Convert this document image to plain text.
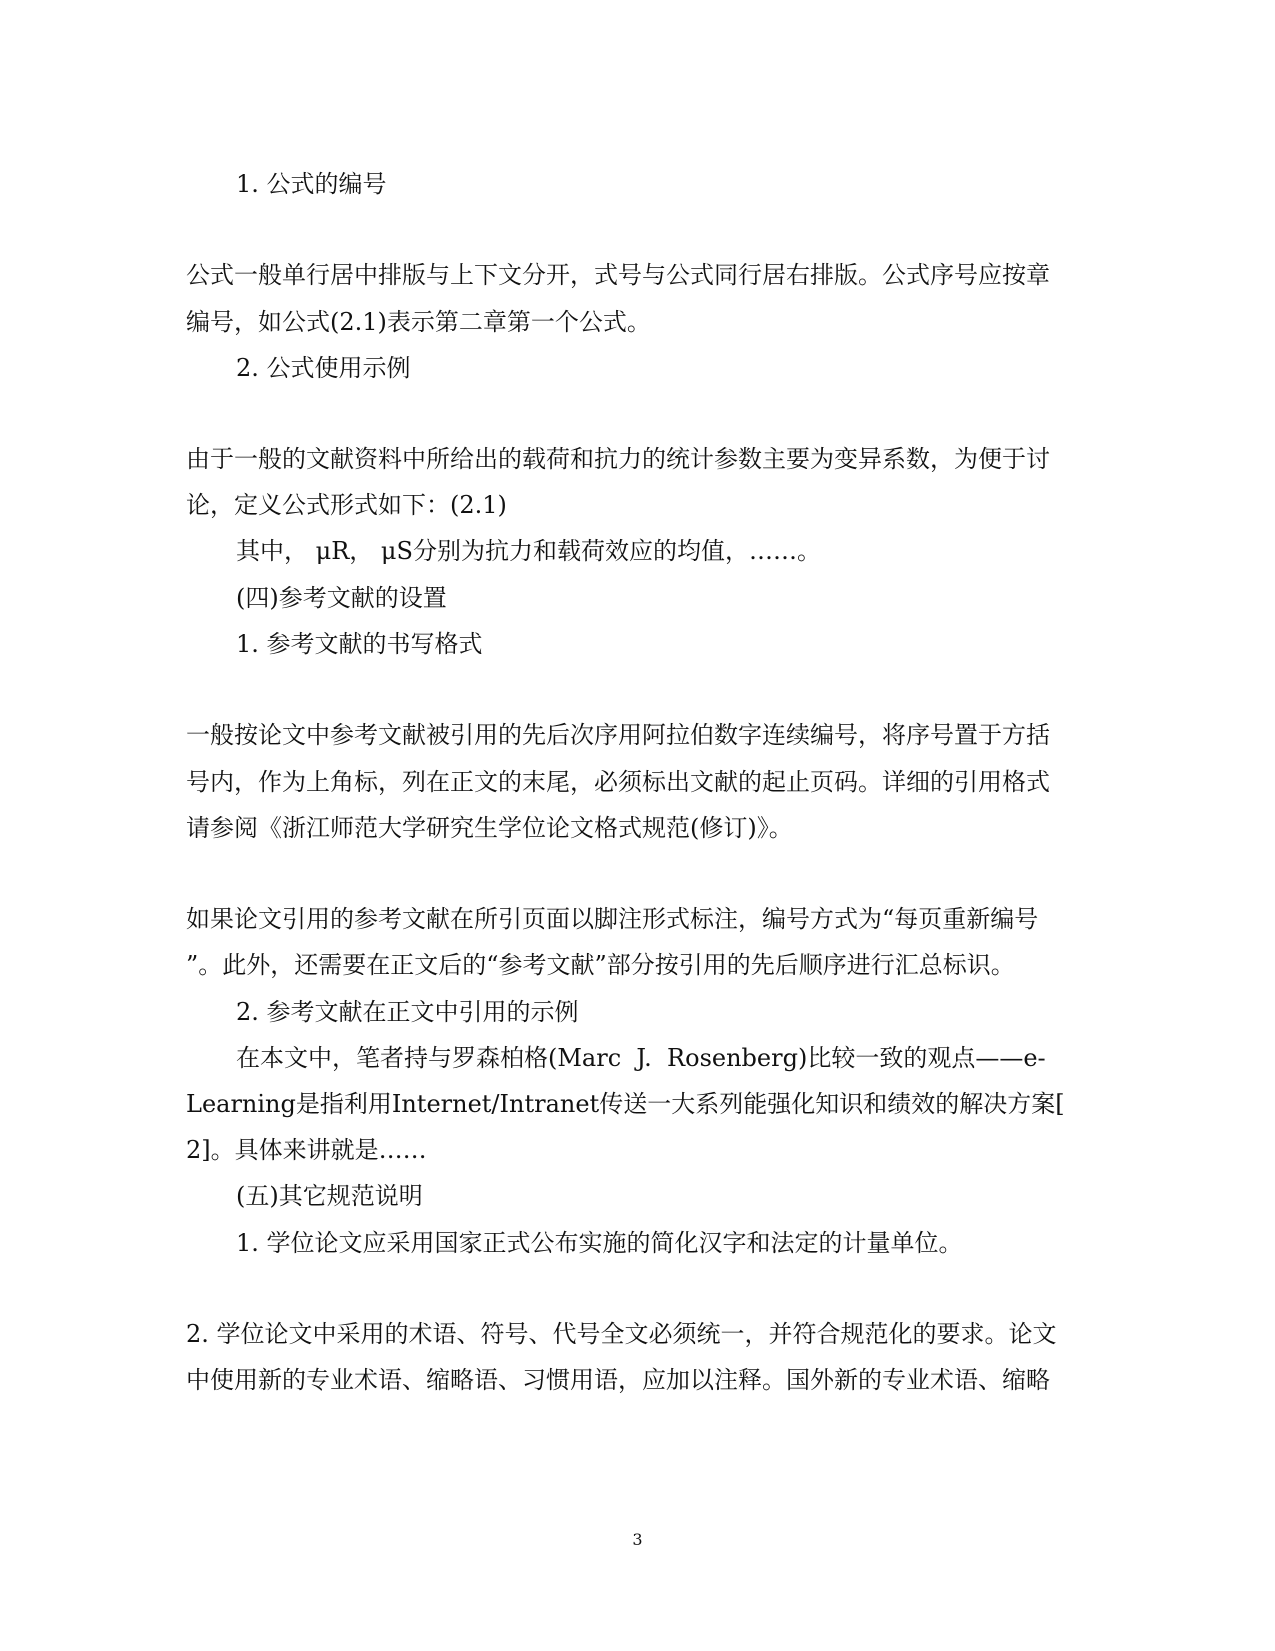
1. 公式的编号

公式一般单行居中排版与上下文分开，式号与公式同行居右排版。公式序号应按章

编号，如公式(2.1)表示第二章第一个公式。

2. 公式使用示例

由于一般的文献资料中所给出的载荷和抗力的统计参数主要为变异系数，为便于讨

论，定义公式形式如下：(2.1)

其中， μR， μS分别为抗力和载荷效应的均值，……。

(四)参考文献的设置

1. 参考文献的书写格式

一般按论文中参考文献被引用的先后次序用阿拉伯数字连续编号，将序号置于方括

号内，作为上角标，列在正文的末尾，必须标出文献的起止页码。详细的引用格式

请参阅《浙江师范大学研究生学位论文格式规范(修订)》。

如果论文引用的参考文献在所引页面以脚注形式标注，编号方式为“每页重新编号

”。此外，还需要在正文后的“参考文献”部分按引用的先后顺序进行汇总标识。

2. 参考文献在正文中引用的示例

在本文中，笔者持与罗森柏格(Marc  J.  Rosenberg)比较一致的观点——e-

Learning是指利用Internet/Intranet传送一大系列能强化知识和绩效的解决方案[

2]。具体来讲就是……

(五)其它规范说明

1. 学位论文应采用国家正式公布实施的简化汉字和法定的计量单位。

2. 学位论文中采用的术语、符号、代号全文必须统一，并符合规范化的要求。论文

中使用新的专业术语、缩略语、习惯用语，应加以注释。国外新的专业术语、缩略

3
